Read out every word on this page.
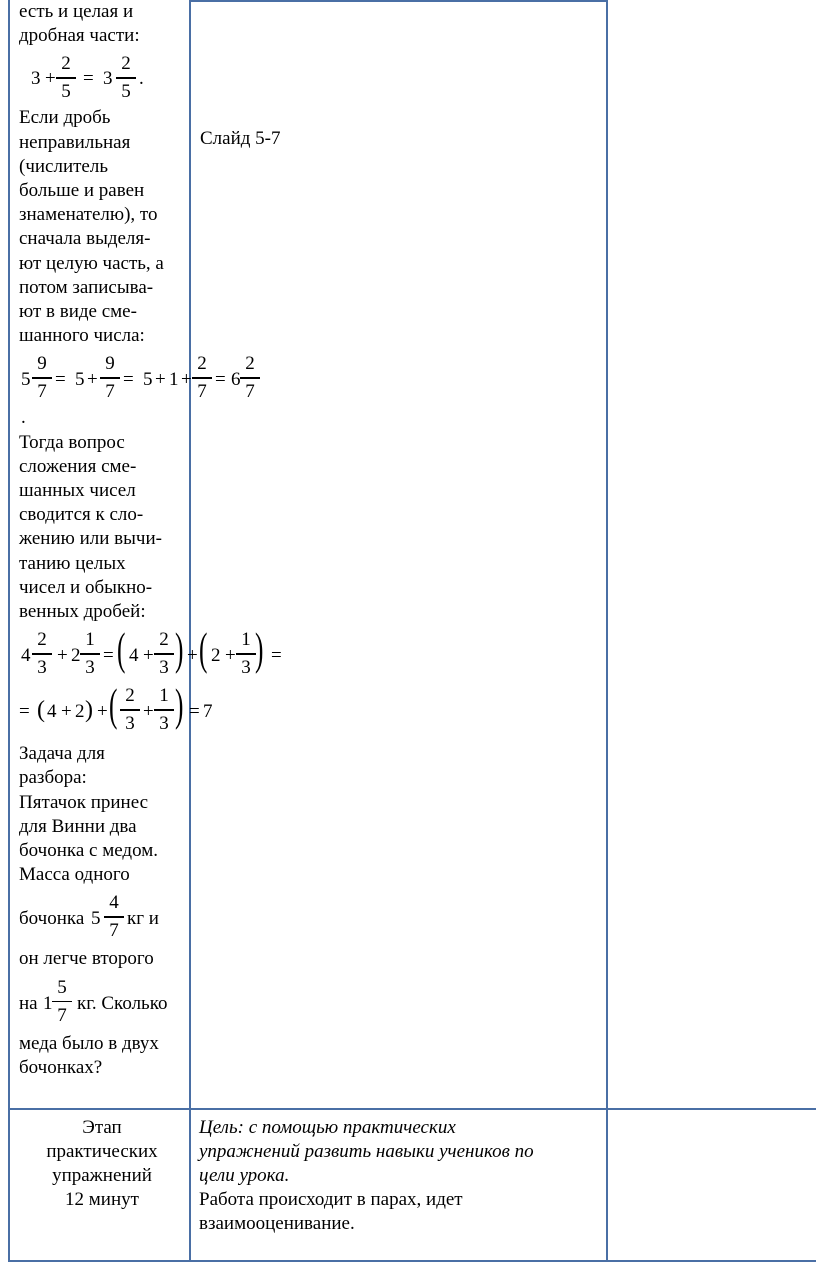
есть и целая и

дробная части:

3 +
2
5
= 3
2
5
.

Если дробь

неправильная

(числитель

больше и равен

знаменателю), то

сначала выделя-

ют целую часть, а

потом записыва-

ют в виде сме-

шанного числа:

5
9
7
= 5 +
9
7
= 5 + 1 +
2
7
= 6
2
7

.

Тогда вопрос

сложения сме-

шанных чисел

сводится к сло-

жению или вычи-

танию целых

чисел и обыкно-

венных дробей:

4
2
3
+ 2
1
3
= ( 4 +
2
3 ) + ( 2 +
1
3 ) =
= ( 4 + 2 ) + ( 2
3
+
1
3 ) = 7

Задача для

разбора:

Пятачок принес

для Винни два

бочонка с медом.

Масса одного

бочонка 5
4
7
кг и

он легче второго

на 1
5
7
кг. Сколько

меда было в двух

бочонках?

Слайд 5-7

Этап

практических

упражнений

12 минут

Цель: с помощью практических

упражнений развить навыки учеников по

цели урока.

Работа происходит в парах, идет

взаимооценивание.
